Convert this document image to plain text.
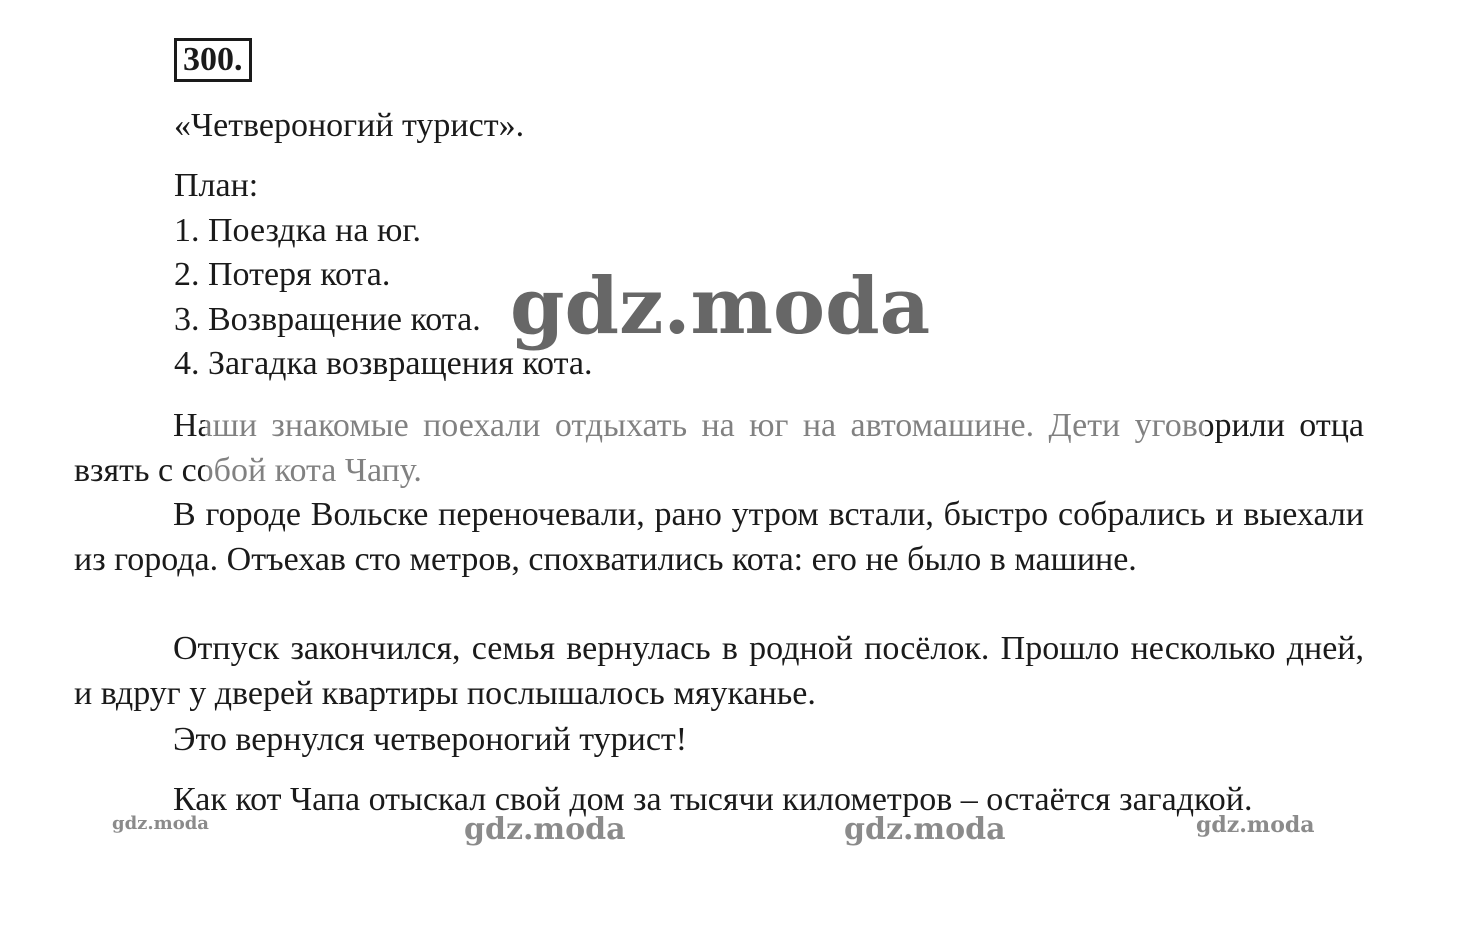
300.
«Четвероногий турист».
План:
1. Поездка на юг.
2. Потеря кота.
3. Возвращение кота.
4. Загадка возвращения кота.
Наши знакомые поехали отдыхать на юг на автомашине. Дети уговорили отца взять с собой кота Чапу.
В городе Вольске переночевали, рано утром встали, быстро собрались и выехали из города. Отъехав сто метров, спохватились кота: его не было в машине.
Отпуск закончился, семья вернулась в родной посёлок. Прошло несколько дней, и вдруг у дверей квартиры послышалось мяуканье.
Это вернулся четвероногий турист!
Как кот Чапа отыскал свой дом за тысячи километров – остаётся загадкой.
gdz.moda
gdz.moda	gdz.moda	gdz.moda	gdz.moda
